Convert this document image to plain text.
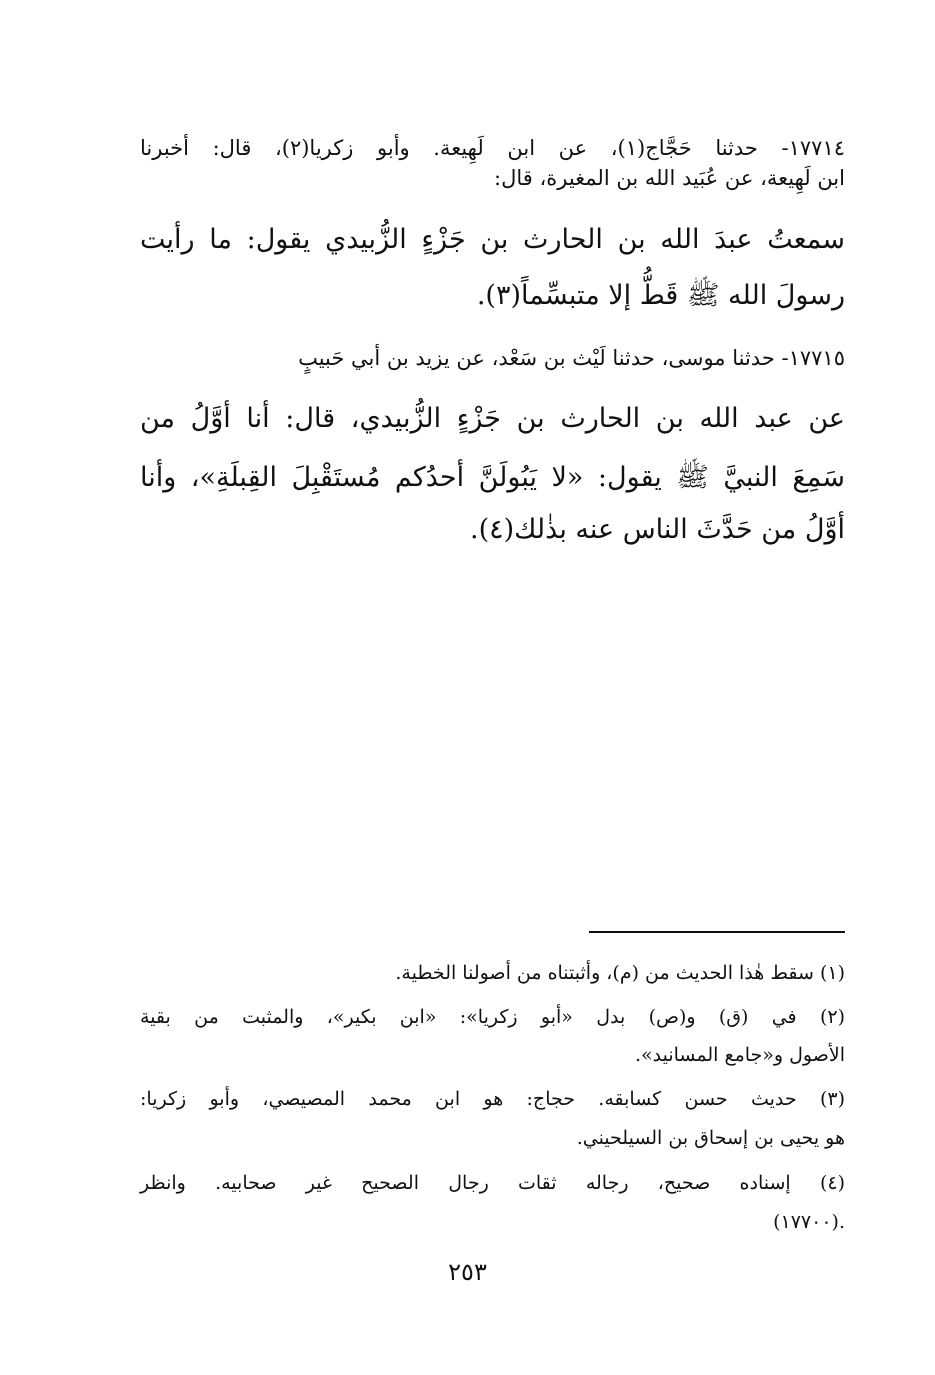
١٧٧١٤- حدثنا حَجَّاج(١)، عن ابن لَهِيعة. وأبو زكريا(٢)، قال: أخبرنا
ابن لَهِيعة، عن عُبَيد الله بن المغيرة، قال:
سمعتُ عبدَ الله بن الحارث بن جَزْءٍ الزُّبيدي يقول: ما رأيت
رسولَ الله ﷺ قَطُّ إلا متبسِّماً(٣).
١٧٧١٥- حدثنا موسى، حدثنا لَيْث بن سَعْد، عن يزيد بن أبي حَبيبٍ
عن عبد الله بن الحارث بن جَزْءٍ الزُّبيدي، قال: أنا أوَّلُ من
سَمِعَ النبيَّ ﷺ يقول: «لا يَبُولَنَّ أحدُكم مُستَقْبِلَ القِبلَةِ»، وأنا
أوَّلُ من حَدَّثَ الناس عنه بذٰلك(٤).
(١) سقط هٰذا الحديث من (م)، وأثبتناه من أصولنا الخطية.
(٢) في (ق) و(ص) بدل «أبو زكريا»: «ابن بكير»، والمثبت من بقية
الأصول و«جامع المسانيد».
(٣) حديث حسن كسابقه. حجاج: هو ابن محمد المصيصي، وأبو زكريا:
هو يحيى بن إسحاق بن السيلحيني.
(٤) إسناده صحيح، رجاله ثقات رجال الصحيح غير صحابيه. وانظر
.(١٧٧٠٠)
٢٥٣
